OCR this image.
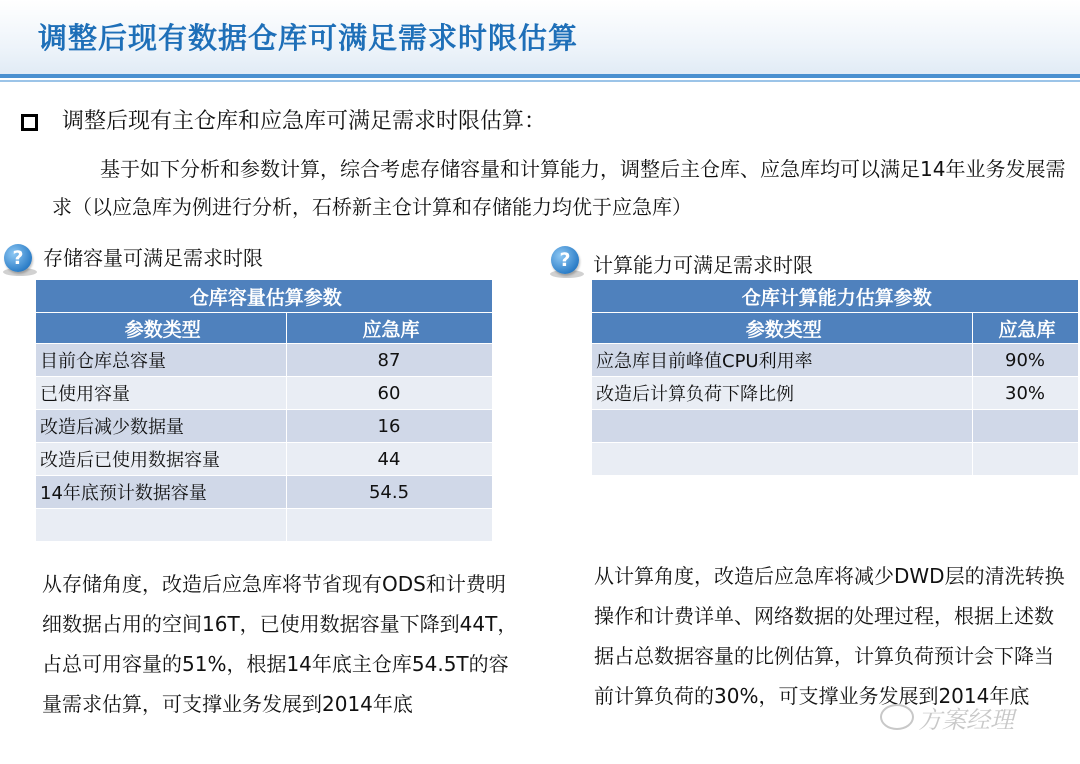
调整后现有数据仓库可满足需求时限估算
调整后现有主仓库和应急库可满足需求时限估算：
基于如下分析和参数计算，综合考虑存储容量和计算能力，调整后主仓库、应急库均可以满足14年业务发展需求（以应急库为例进行分析，石桥新主仓计算和存储能力均优于应急库）
? 存储容量可满足需求时限
仓库容量估算参数	
参数类型	应急库
目前仓库总容量	87
已使用容量	60
改造后减少数据量	16
改造后已使用数据容量	44
14年底预计数据容量	54.5

从存储角度，改造后应急库将节省现有ODS和计费明细数据占用的空间16T，已使用数据容量下降到44T，占总可用容量的51%，根据14年底主仓库54.5T的容量需求估算，可支撑业务发展到2014年底
?	计算能力可满足需求时限
仓库计算能力估算参数	
参数类型	应急库
应急库目前峰值CPU利用率	90%
改造后计算负荷下降比例	30%

从计算角度，改造后应急库将减少DWD层的清洗转换操作和计费详单、网络数据的处理过程，根据上述数据占总数据容量的比例估算，计算负荷预计会下降当前计算负荷的30%，可支撑业务发展到2014年底
方案经理
